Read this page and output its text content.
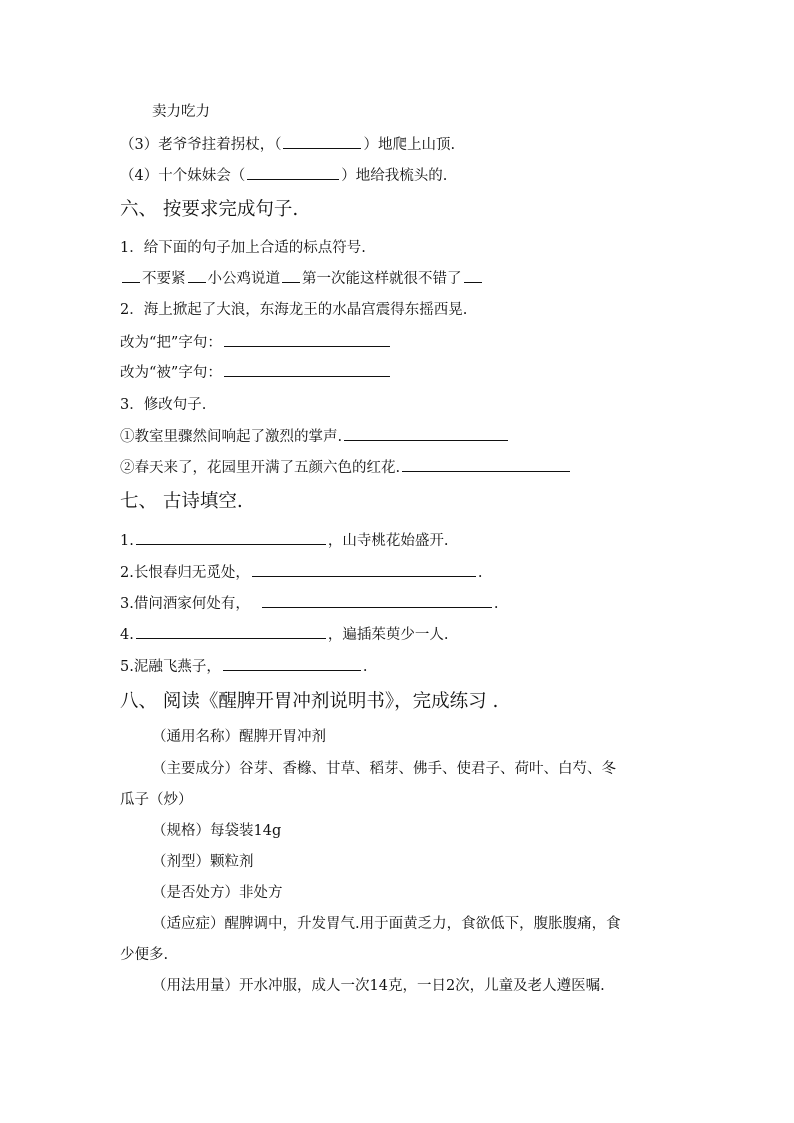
卖力吃力
（3）老爷爷拄着拐杖，（	）地爬上山顶.
（4）十个妹妹会（	）地给我梳头的.
六、 按要求完成句子.
1．给下面的句子加上合适的标点符号.
不要紧 小公鸡说道 第一次能这样就很不错了
2．海上掀起了大浪，东海龙王的水晶宫震得东摇西晃.
改为“把”字句：
改为“被”字句：
3．修改句子.
①教室里骤然间响起了激烈的掌声.
②春天来了，花园里开满了五颜六色的红花.
七、 古诗填空.
1.	，山寺桃花始盛开.
2.长恨春归无觅处，	.
3.借问酒家何处有，	.
4.	，遍插茱萸少一人.
5.泥融飞燕子，	.
八、 阅读《醒脾开胃冲剂说明书》，完成练习 .
（通用名称）醒脾开胃冲剂
（主要成分）谷芽、香橼、甘草、稻芽、佛手、使君子、荷叶、白芍、冬
瓜子（炒）
（规格）每袋装14g
（剂型）颗粒剂
（是否处方）非处方
（适应症）醒脾调中，升发胃气.用于面黄乏力，食欲低下，腹胀腹痛，食
少便多.
（用法用量）开水冲服，成人一次14克，一日2次，儿童及老人遵医嘱.
